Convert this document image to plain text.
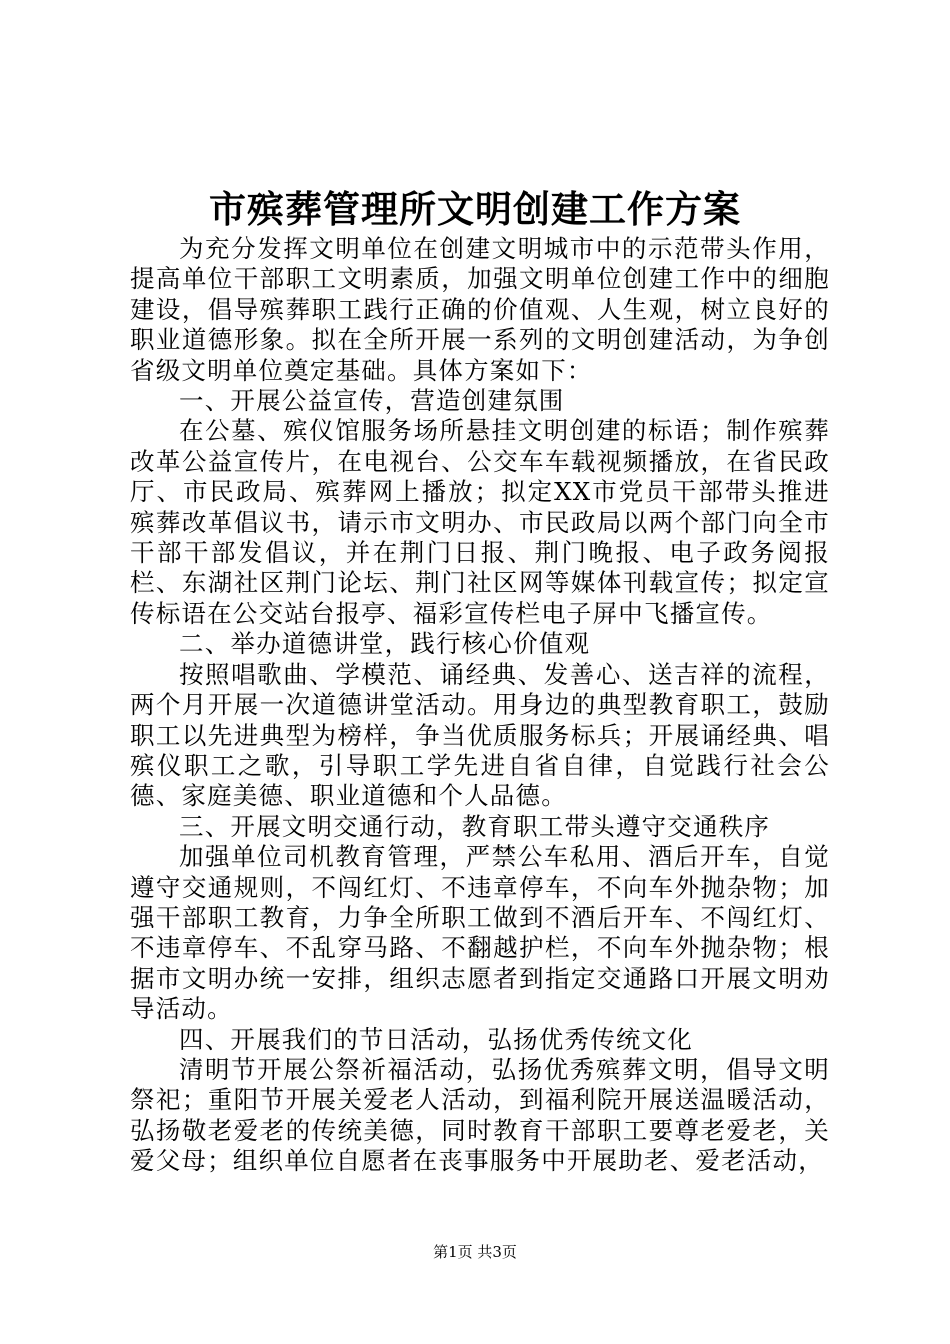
市殡葬管理所文明创建工作方案

为充分发挥文明单位在创建文明城市中的示范带头作用，提高单位干部职工文明素质，加强文明单位创建工作中的细胞建设，倡导殡葬职工践行正确的价值观、人生观，树立良好的职业道德形象。拟在全所开展一系列的文明创建活动，为争创省级文明单位奠定基础。具体方案如下：

一、开展公益宣传，营造创建氛围

在公墓、殡仪馆服务场所悬挂文明创建的标语；制作殡葬改革公益宣传片，在电视台、公交车车载视频播放，在省民政厅、市民政局、殡葬网上播放；拟定XX市党员干部带头推进殡葬改革倡议书，请示市文明办、市民政局以两个部门向全市干部干部发倡议，并在荆门日报、荆门晚报、电子政务阅报栏、东湖社区荆门论坛、荆门社区网等媒体刊载宣传；拟定宣传标语在公交站台报亭、福彩宣传栏电子屏中飞播宣传。

二、举办道德讲堂，践行核心价值观

按照唱歌曲、学模范、诵经典、发善心、送吉祥的流程，两个月开展一次道德讲堂活动。用身边的典型教育职工，鼓励职工以先进典型为榜样，争当优质服务标兵；开展诵经典、唱殡仪职工之歌，引导职工学先进自省自律，自觉践行社会公德、家庭美德、职业道德和个人品德。

三、开展文明交通行动，教育职工带头遵守交通秩序

加强单位司机教育管理，严禁公车私用、酒后开车，自觉遵守交通规则，不闯红灯、不违章停车，不向车外抛杂物；加强干部职工教育，力争全所职工做到不酒后开车、不闯红灯、不违章停车、不乱穿马路、不翻越护栏，不向车外抛杂物；根据市文明办统一安排，组织志愿者到指定交通路口开展文明劝导活动。

四、开展我们的节日活动，弘扬优秀传统文化

清明节开展公祭祈福活动，弘扬优秀殡葬文明，倡导文明祭祀；重阳节开展关爱老人活动，到福利院开展送温暖活动，弘扬敬老爱老的传统美德，同时教育干部职工要尊老爱老，关爱父母；组织单位自愿者在丧事服务中开展助老、爱老活动，

第1页 共3页
